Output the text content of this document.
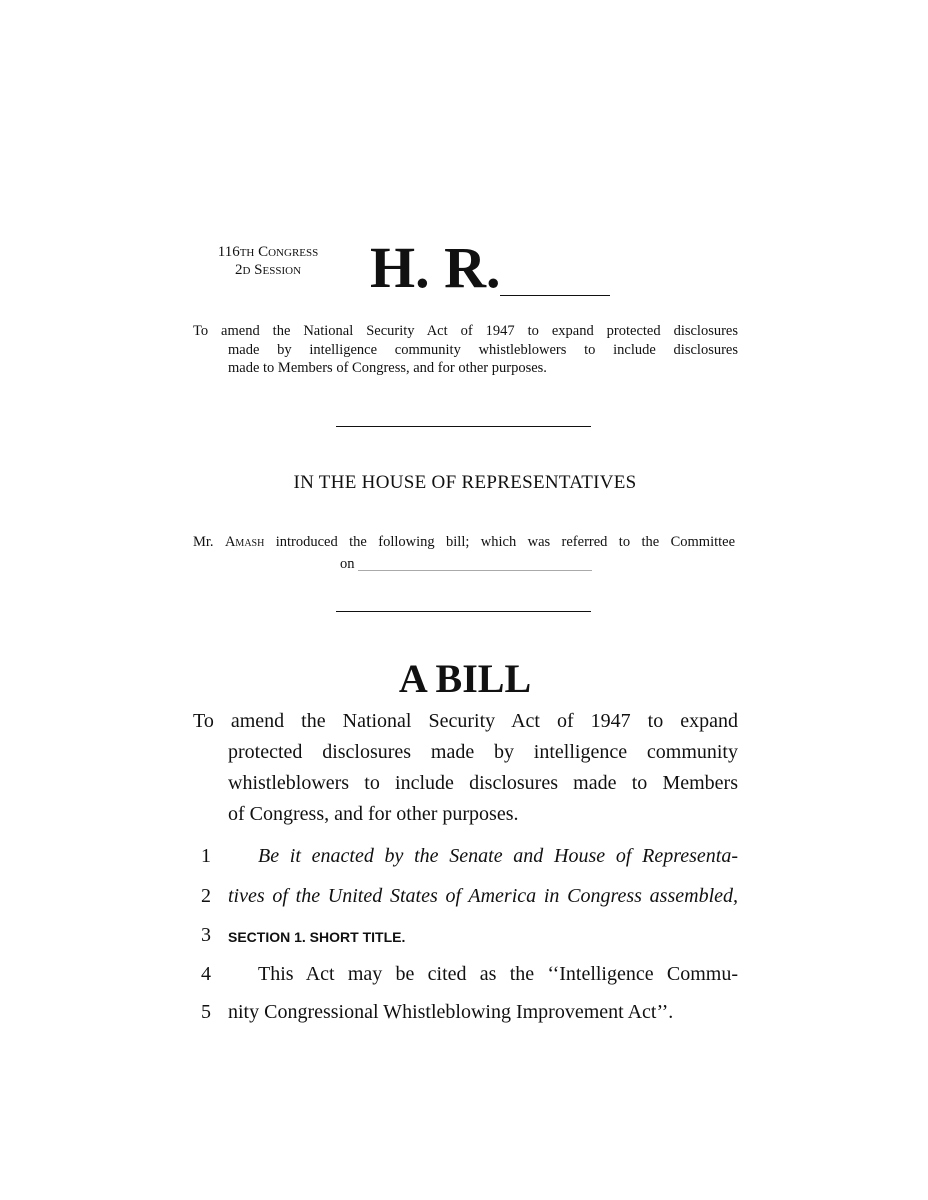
116th Congress
2d Session	H. R.
To amend the National Security Act of 1947 to expand protected disclosures
made by intelligence community whistleblowers to include disclosures
made to Members of Congress, and for other purposes.
IN THE HOUSE OF REPRESENTATIVES
Mr. Amash introduced the following bill; which was referred to the Committee
on
A BILL
To amend the National Security Act of 1947 to expand
protected disclosures made by intelligence community
whistleblowers to include disclosures made to Members
of Congress, and for other purposes.
1 Be it enacted by the Senate and House of Representa-
2 tives of the United States of America in Congress assembled,
3	SECTION 1. SHORT TITLE.
4 This Act may be cited as the ‘‘Intelligence Commu-
5 nity Congressional Whistleblowing Improvement Act’’.
